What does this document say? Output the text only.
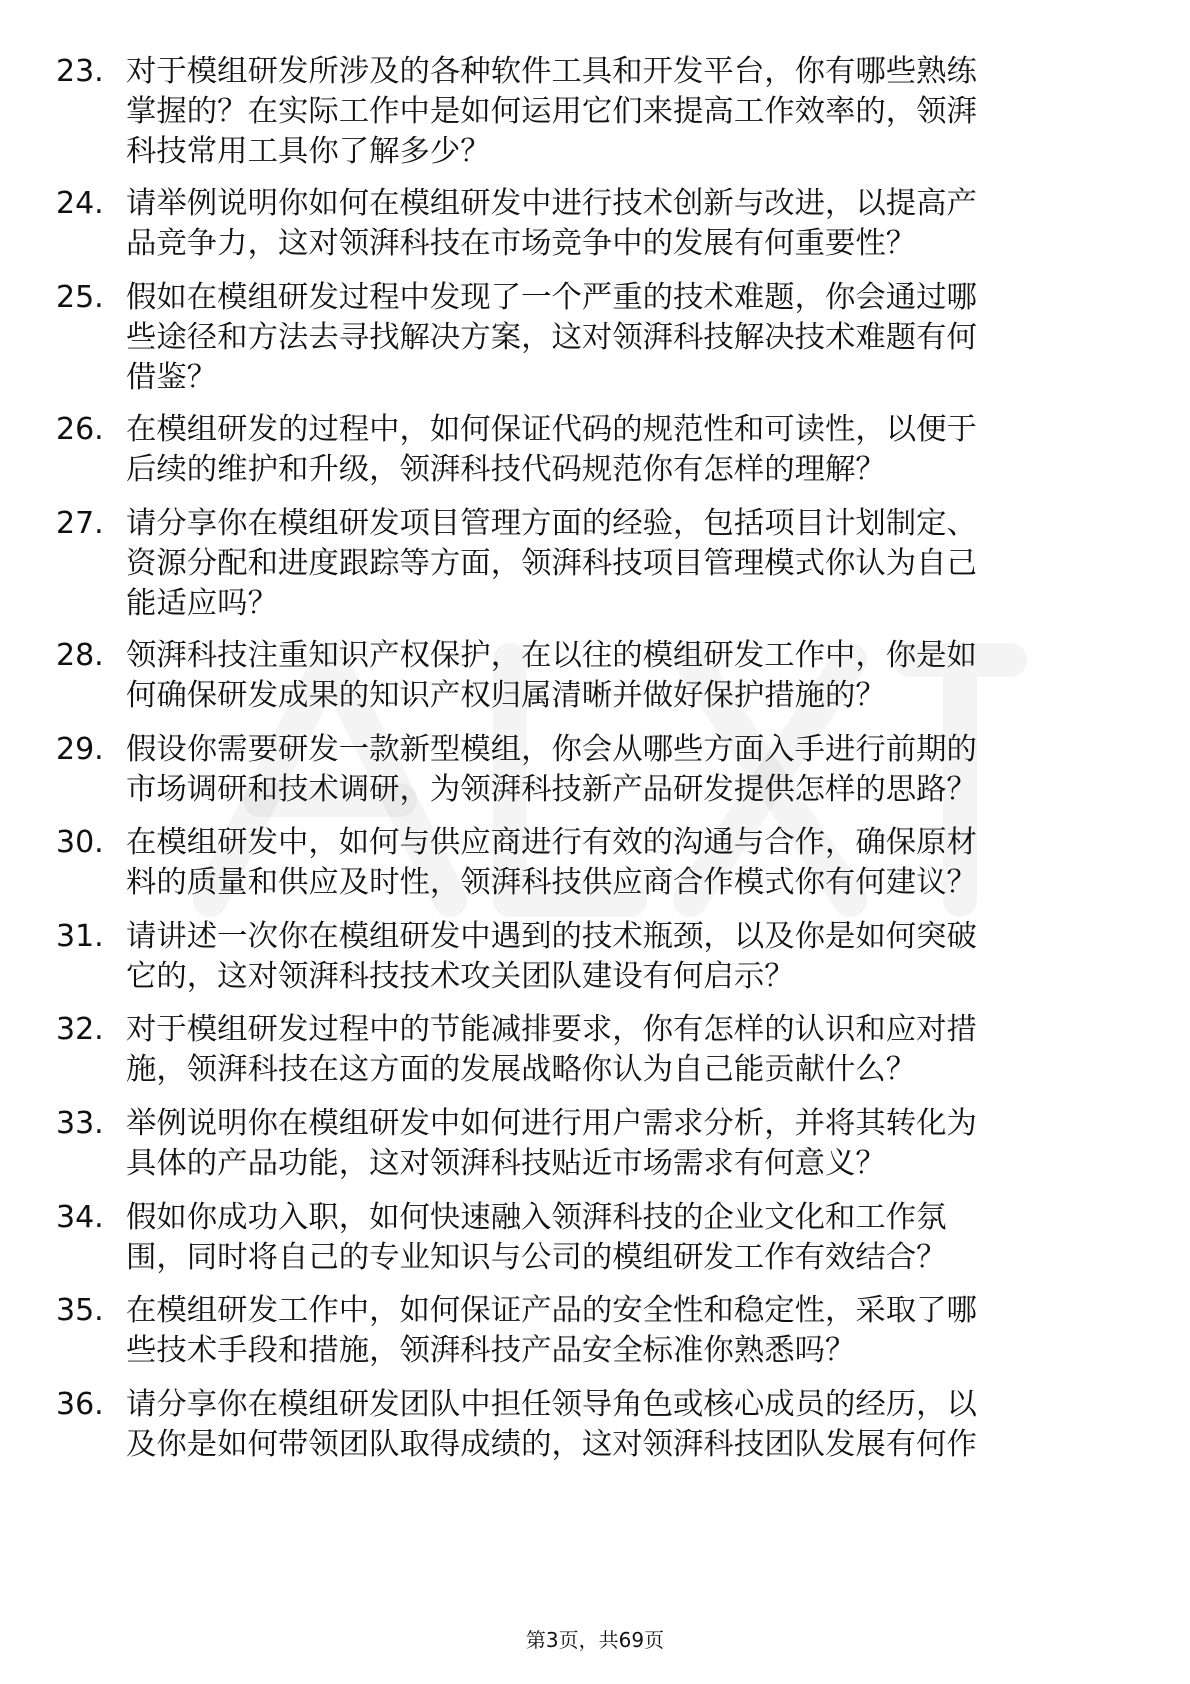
23. 对于模组研发所涉及的各种软件工具和开发平台，你有哪些熟练
掌握的？在实际工作中是如何运用它们来提高工作效率的，领湃
科技常用工具你了解多少？
24. 请举例说明你如何在模组研发中进行技术创新与改进，以提高产
品竞争力，这对领湃科技在市场竞争中的发展有何重要性？
25. 假如在模组研发过程中发现了一个严重的技术难题，你会通过哪
些途径和方法去寻找解决方案，这对领湃科技解决技术难题有何
借鉴？
26. 在模组研发的过程中，如何保证代码的规范性和可读性，以便于
后续的维护和升级，领湃科技代码规范你有怎样的理解？
27. 请分享你在模组研发项目管理方面的经验，包括项目计划制定、
资源分配和进度跟踪等方面，领湃科技项目管理模式你认为自己
能适应吗？
28. 领湃科技注重知识产权保护，在以往的模组研发工作中，你是如
何确保研发成果的知识产权归属清晰并做好保护措施的？
29. 假设你需要研发一款新型模组，你会从哪些方面入手进行前期的
市场调研和技术调研，为领湃科技新产品研发提供怎样的思路？
30. 在模组研发中，如何与供应商进行有效的沟通与合作，确保原材
料的质量和供应及时性，领湃科技供应商合作模式你有何建议？
31. 请讲述一次你在模组研发中遇到的技术瓶颈，以及你是如何突破
它的，这对领湃科技技术攻关团队建设有何启示？
32. 对于模组研发过程中的节能减排要求，你有怎样的认识和应对措
施，领湃科技在这方面的发展战略你认为自己能贡献什么？
33. 举例说明你在模组研发中如何进行用户需求分析，并将其转化为
具体的产品功能，这对领湃科技贴近市场需求有何意义？
34. 假如你成功入职，如何快速融入领湃科技的企业文化和工作氛
围，同时将自己的专业知识与公司的模组研发工作有效结合？
35. 在模组研发工作中，如何保证产品的安全性和稳定性，采取了哪
些技术手段和措施，领湃科技产品安全标准你熟悉吗？
36. 请分享你在模组研发团队中担任领导角色或核心成员的经历，以
及你是如何带领团队取得成绩的，这对领湃科技团队发展有何作
第3页，共69页
